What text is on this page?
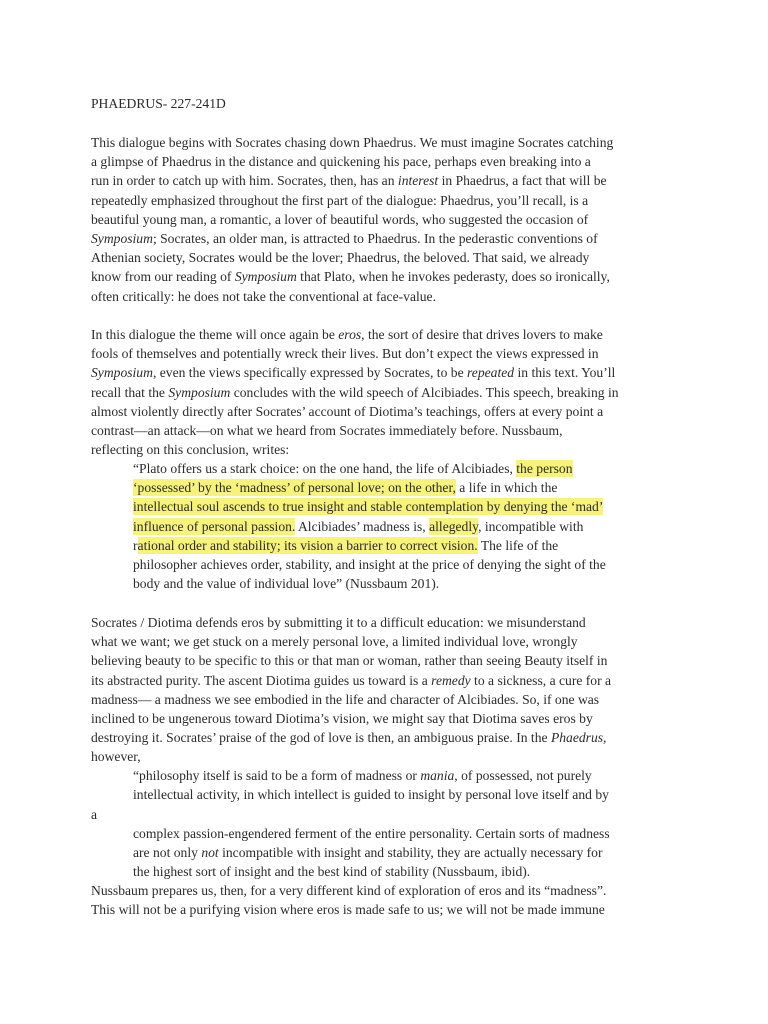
PHAEDRUS- 227-241D
This dialogue begins with Socrates chasing down Phaedrus. We must imagine Socrates catching
a glimpse of Phaedrus in the distance and quickening his pace, perhaps even breaking into a
run in order to catch up with him. Socrates, then, has an interest in Phaedrus, a fact that will be
repeatedly emphasized throughout the first part of the dialogue: Phaedrus, you’ll recall, is a
beautiful young man, a romantic, a lover of beautiful words, who suggested the occasion of
Symposium; Socrates, an older man, is attracted to Phaedrus. In the pederastic conventions of
Athenian society, Socrates would be the lover; Phaedrus, the beloved. That said, we already
know from our reading of Symposium that Plato, when he invokes pederasty, does so ironically,
often critically: he does not take the conventional at face-value.
In this dialogue the theme will once again be eros, the sort of desire that drives lovers to make
fools of themselves and potentially wreck their lives. But don’t expect the views expressed in
Symposium, even the views specifically expressed by Socrates, to be repeated in this text. You’ll
recall that the Symposium concludes with the wild speech of Alcibiades. This speech, breaking in
almost violently directly after Socrates’ account of Diotima’s teachings, offers at every point a
contrast—an attack—on what we heard from Socrates immediately before. Nussbaum,
reflecting on this conclusion, writes:
“Plato offers us a stark choice: on the one hand, the life of Alcibiades, the person
‘possessed’ by the ‘madness’ of personal love; on the other, a life in which the
intellectual soul ascends to true insight and stable contemplation by denying the ‘mad’
influence of personal passion. Alcibiades’ madness is, allegedly, incompatible with
rational order and stability; its vision a barrier to correct vision. The life of the
philosopher achieves order, stability, and insight at the price of denying the sight of the
body and the value of individual love” (Nussbaum 201).
Socrates / Diotima defends eros by submitting it to a difficult education: we misunderstand
what we want; we get stuck on a merely personal love, a limited individual love, wrongly
believing beauty to be specific to this or that man or woman, rather than seeing Beauty itself in
its abstracted purity. The ascent Diotima guides us toward is a remedy to a sickness, a cure for a
madness— a madness we see embodied in the life and character of Alcibiades. So, if one was
inclined to be ungenerous toward Diotima’s vision, we might say that Diotima saves eros by
destroying it. Socrates’ praise of the god of love is then, an ambiguous praise. In the Phaedrus,
however,
“philosophy itself is said to be a form of madness or mania, of possessed, not purely
intellectual activity, in which intellect is guided to insight by personal love itself and by
a
complex passion-engendered ferment of the entire personality. Certain sorts of madness
are not only not incompatible with insight and stability, they are actually necessary for
the highest sort of insight and the best kind of stability (Nussbaum, ibid).
Nussbaum prepares us, then, for a very different kind of exploration of eros and its “madness”.
This will not be a purifying vision where eros is made safe to us; we will not be made immune
